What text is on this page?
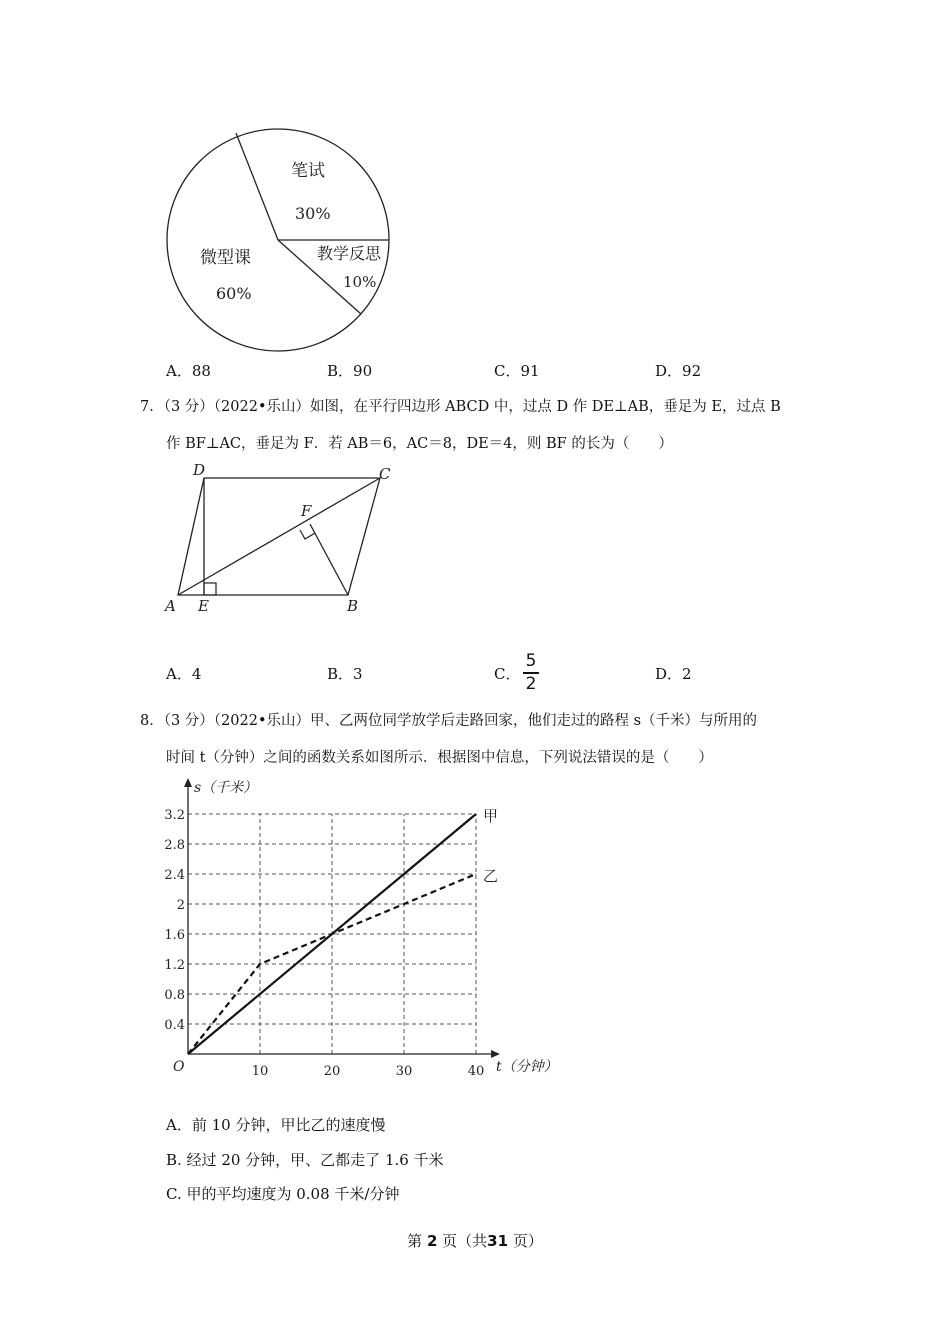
笔试
30%
教学反思
10%
微型课
60%
A．88	B．90	C．91	D．92
7．（3 分）（2022•乐山）如图，在平行四边形 ABCD 中，过点 D 作 DE⊥AB，垂足为 E，过点 B
作 BF⊥AC，垂足为 F．若 AB＝6，AC＝8，DE＝4，则 BF 的长为（　　）
A E	B
C
D
F
A．4	B．3	C．
5
2	D．2
8．（3 分）（2022•乐山）甲、乙两位同学放学后走路回家，他们走过的路程 s（千米）与所用的
时间 t（分钟）之间的函数关系如图所示．根据图中信息，下列说法错误的是（　　）
s（千米）
t（分钟）
O
3.2
2.8
2.4
2
1.6
1.2
0.8
0.4
10	20	30	40
甲
乙
A．前 10 分钟，甲比乙的速度慢
B. 经过 20 分钟，甲、乙都走了 1.6 千米
C. 甲的平均速度为 0.08 千米/分钟
第 2 页（共31 页）
